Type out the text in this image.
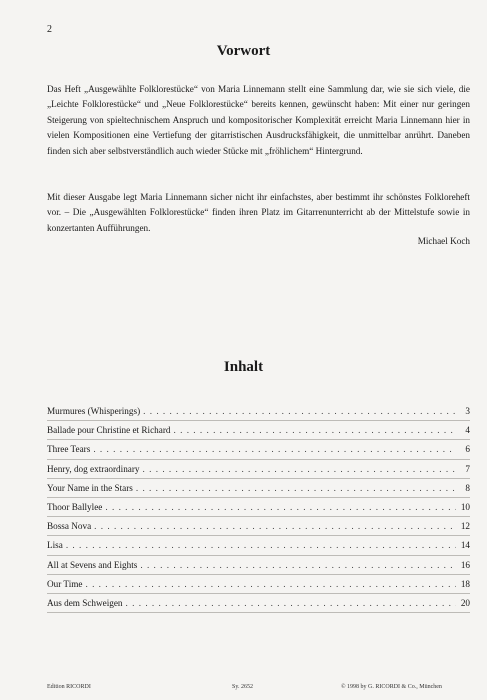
2
Vorwort

Das Heft „Ausgewählte Folklorestücke“ von Maria Linnemann stellt eine Sammlung dar, wie sie sich viele, die „Leichte Folklorestücke“ und „Neue Folklorestücke“ bereits kennen, gewünscht haben: Mit einer nur geringen Steigerung von spieltechnischem Anspruch und kompositorischer Komplexität erreicht Maria Linnemann hier in vielen Kompositionen eine Vertiefung der gitarristischen Ausdrucksfähigkeit, die unmittelbar anrührt. Daneben finden sich aber selbstverständlich auch wieder Stücke mit „fröhlichem“ Hintergrund.

Mit dieser Ausgabe legt Maria Linnemann sicher nicht ihr einfachstes, aber bestimmt ihr schönstes Folkloreheft vor. – Die „Ausgewählten Folklorestücke“ finden ihren Platz im Gitarrenunterricht ab der Mittelstufe sowie in konzertanten Aufführungen.

Michael Koch
Inhalt
Murmures (Whisperings) . . .	3
Ballade pour Christine et Richard . . .	4
Three Tears . . .	6
Henry, dog extraordinary . . .	7
Your Name in the Stars . . .	8
Thoor Ballylee . . .	10
Bossa Nova . . .	12
Lisa . . .	14
All at Sevens and Eights . . .	16
Our Time . . .	18
Aus dem Schweigen . . .	20
Edition RICORDI	Sy. 2652	© 1998 by G. RICORDI & Co., München
